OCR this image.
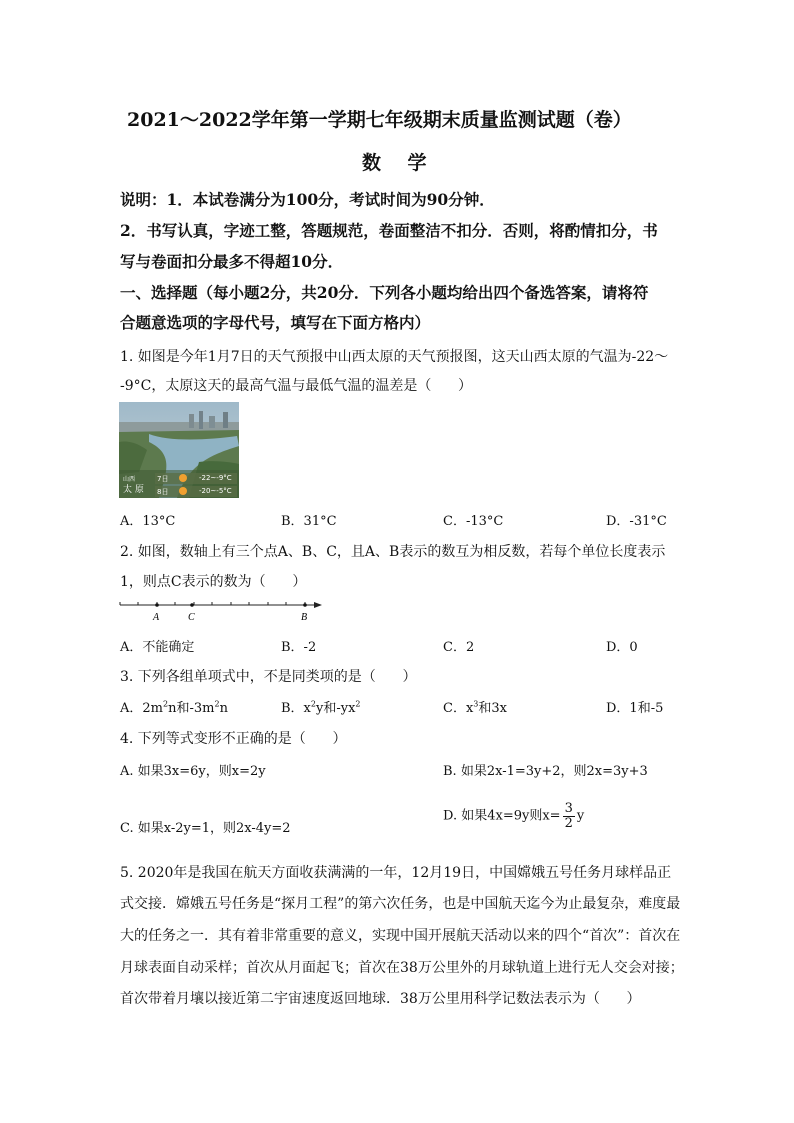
2021～2022学年第一学期七年级期末质量监测试题（卷）
数    学
说明：1．本试卷满分为100分，考试时间为90分钟．
2．书写认真，字迹工整，答题规范，卷面整洁不扣分．否则，将酌情扣分，书
写与卷面扣分最多不得超10分．
一、选择题（每小题2分，共20分．下列各小题均给出四个备选答案，请将符
合题意选项的字母代号，填写在下面方格内）
1. 如图是今年1月7日的天气预报中山西太原的天气预报图，这天山西太原的气温为-22～
-9°C，太原这天的最高气温与最低气温的温差是（      ）
山西
太 原
7日	-22~-9°C
8日	-20~-5°C
A．13°C	B．31°C	C．-13°C	D．-31°C
2. 如图，数轴上有三个点A、B、C，且A、B表示的数互为相反数，若每个单位长度表示
1，则点C表示的数为（      ）
A	C	B
A．不能确定	B．-2	C．2	D．0
3. 下列各组单项式中，不是同类项的是（      ）
A．$2m^2n$和$-3m^2n$	B．$x^2y$和$-yx^2$	C．$x^3$和3x	D．1和-5
4. 下列等式变形不正确的是（      ）
A. 如果3x=6y，则x=2y	B. 如果2x-1=3y+2，则2x=3y+3
C. 如果x-2y=1，则2x-4y=2
D. 如果4x=9y则$x= \frac{3}{2}$ y
5. 2020年是我国在航天方面收获满满的一年，12月19日，中国嫦娥五号任务月球样品正
式交接．嫦娥五号任务是“探月工程”的第六次任务，也是中国航天迄今为止最复杂，难度最
大的任务之一．其有着非常重要的意义，实现中国开展航天活动以来的四个“首次”：首次在
月球表面自动采样；首次从月面起飞；首次在38万公里外的月球轨道上进行无人交会对接；
首次带着月壤以接近第二宇宙速度返回地球．38万公里用科学记数法表示为（      ）
